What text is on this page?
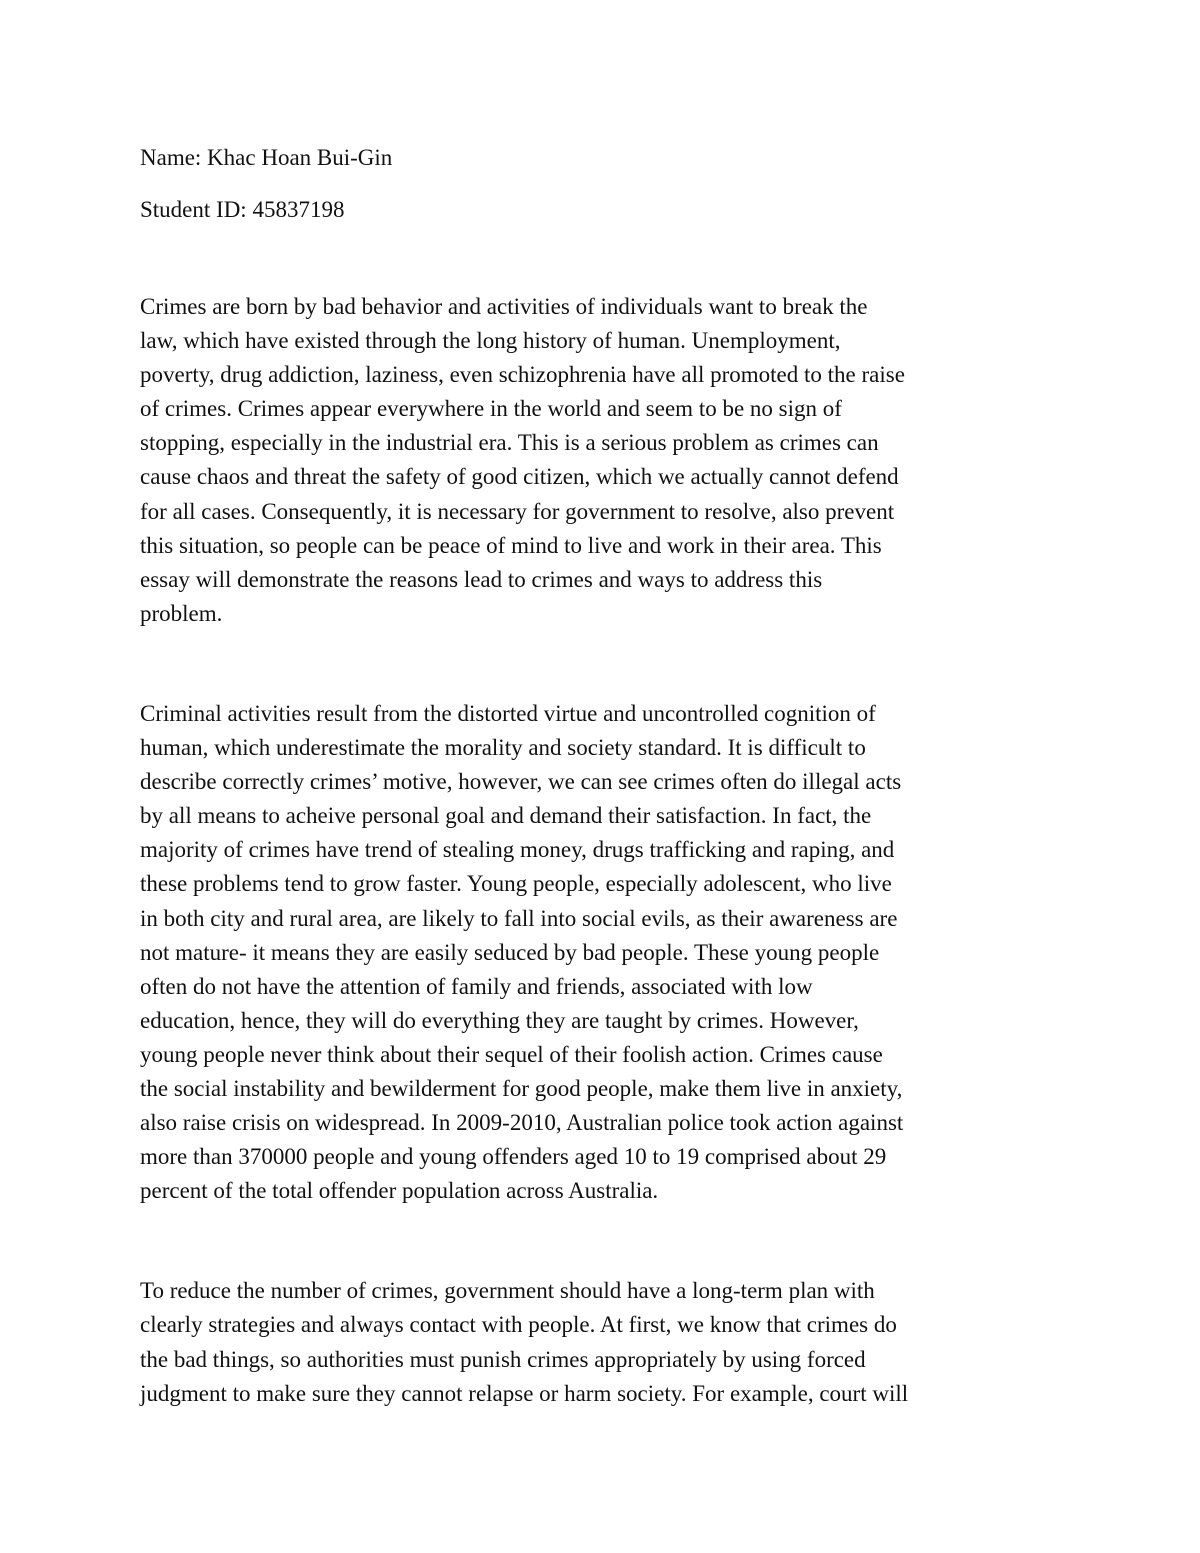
Name: Khac Hoan Bui-Gin
Student ID: 45837198
Crimes are born by bad behavior and activities of individuals want to break the
law, which have existed through the long history of human. Unemployment,
poverty, drug addiction, laziness, even schizophrenia have all promoted to the raise
of crimes. Crimes appear everywhere in the world and seem to be no sign of
stopping, especially in the industrial era. This is a serious problem as crimes can
cause chaos and threat the safety of good citizen, which we actually cannot defend
for all cases. Consequently, it is necessary for government to resolve, also prevent
this situation, so people can be peace of mind to live and work in their area. This
essay will demonstrate the reasons lead to crimes and ways to address this
problem.
Criminal activities result from the distorted virtue and uncontrolled cognition of
human, which underestimate the morality and society standard. It is difficult to
describe correctly crimes’ motive, however, we can see crimes often do illegal acts
by all means to acheive personal goal and demand their satisfaction. In fact, the
majority of crimes have trend of stealing money, drugs trafficking and raping, and
these problems tend to grow faster. Young people, especially adolescent, who live
in both city and rural area, are likely to fall into social evils, as their awareness are
not mature- it means they are easily seduced by bad people. These young people
often do not have the attention of family and friends, associated with low
education, hence, they will do everything they are taught by crimes. However,
young people never think about their sequel of their foolish action. Crimes cause
the social instability and bewilderment for good people, make them live in anxiety,
also raise crisis on widespread. In 2009-2010, Australian police took action against
more than 370000 people and young offenders aged 10 to 19 comprised about 29
percent of the total offender population across Australia.
To reduce the number of crimes, government should have a long-term plan with
clearly strategies and always contact with people. At first, we know that crimes do
the bad things, so authorities must punish crimes appropriately by using forced
judgment to make sure they cannot relapse or harm society. For example, court will
